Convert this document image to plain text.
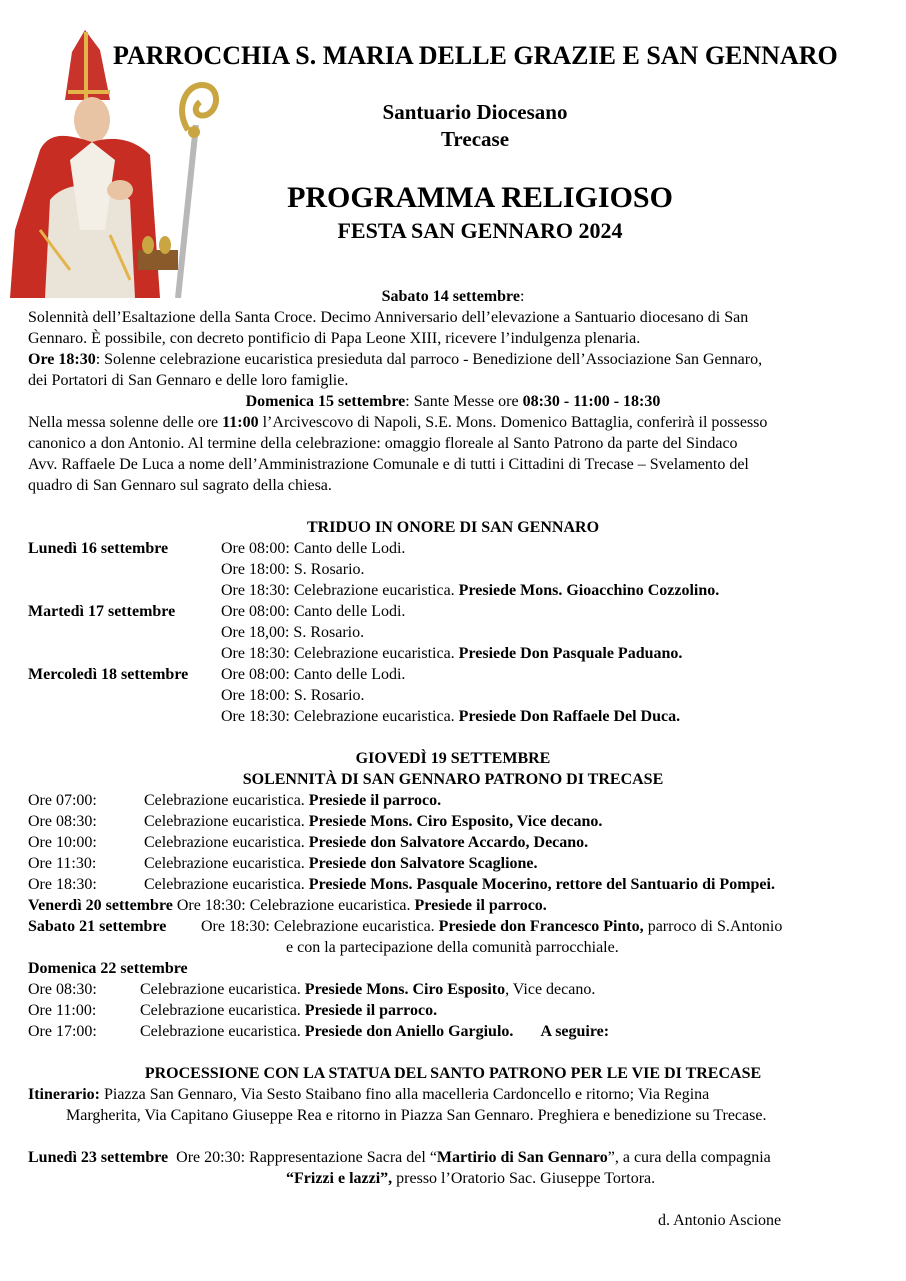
PARROCCHIA S. MARIA DELLE GRAZIE E SAN GENNARO
Santuario Diocesano
Trecase
PROGRAMMA RELIGIOSO
FESTA SAN GENNARO 2024
Sabato 14 settembre:
Solennità dell’Esaltazione della Santa Croce. Decimo Anniversario dell’elevazione a Santuario diocesano di San
Gennaro. È possibile, con decreto pontificio di Papa Leone XIII, ricevere l’indulgenza plenaria.
Ore 18:30: Solenne celebrazione eucaristica presieduta dal parroco - Benedizione dell’Associazione San Gennaro,
dei Portatori di San Gennaro e delle loro famiglie.
Domenica 15 settembre: Sante Messe ore 08:30 - 11:00 - 18:30
Nella messa solenne delle ore 11:00 l’Arcivescovo di Napoli, S.E. Mons. Domenico Battaglia, conferirà il possesso
canonico a don Antonio. Al termine della celebrazione: omaggio floreale al Santo Patrono da parte del Sindaco
Avv. Raffaele De Luca a nome dell’Amministrazione Comunale e di tutti i Cittadini di Trecase – Svelamento del
quadro di San Gennaro sul sagrato della chiesa.
TRIDUO IN ONORE DI SAN GENNARO
Lunedì 16 settembre	Ore 08:00: Canto delle Lodi.
Ore 18:00: S. Rosario.
Ore 18:30: Celebrazione eucaristica. Presiede Mons. Gioacchino Cozzolino.
Martedì 17 settembre	Ore 08:00: Canto delle Lodi.
Ore 18,00: S. Rosario.
Ore 18:30: Celebrazione eucaristica. Presiede Don Pasquale Paduano.
Mercoledì 18 settembre Ore 08:00: Canto delle Lodi.
Ore 18:00: S. Rosario.
Ore 18:30: Celebrazione eucaristica. Presiede Don Raffaele Del Duca.
GIOVEDÌ 19 SETTEMBRE
SOLENNITÀ DI SAN GENNARO PATRONO DI TRECASE
Ore 07:00:	Celebrazione eucaristica. Presiede il parroco.
Ore 08:30:	Celebrazione eucaristica. Presiede Mons. Ciro Esposito, Vice decano.
Ore 10:00:	Celebrazione eucaristica. Presiede don Salvatore Accardo, Decano.
Ore 11:30:	Celebrazione eucaristica. Presiede don Salvatore Scaglione.
Ore 18:30:	Celebrazione eucaristica. Presiede Mons. Pasquale Mocerino, rettore del Santuario di Pompei.
Venerdì 20 settembre Ore 18:30: Celebrazione eucaristica. Presiede il parroco.
Sabato 21 settembre Ore 18:30: Celebrazione eucaristica. Presiede don Francesco Pinto, parroco di S.Antonio
e con la partecipazione della comunità parrocchiale.
Domenica 22 settembre
Ore 08:30:	Celebrazione eucaristica. Presiede Mons. Ciro Esposito, Vice decano.
Ore 11:00:	Celebrazione eucaristica. Presiede il parroco.
Ore 17:00:	Celebrazione eucaristica. Presiede don Aniello Gargiulo.       A seguire:
PROCESSIONE CON LA STATUA DEL SANTO PATRONO PER LE VIE DI TRECASE
Itinerario: Piazza San Gennaro, Via Sesto Staibano fino alla macelleria Cardoncello e ritorno; Via Regina
Margherita, Via Capitano Giuseppe Rea e ritorno in Piazza San Gennaro. Preghiera e benedizione su Trecase.
Lunedì 23 settembre  Ore 20:30: Rappresentazione Sacra del “Martirio di San Gennaro”, a cura della compagnia
“Frizzi e lazzi”, presso l’Oratorio Sac. Giuseppe Tortora.
d. Antonio Ascione
